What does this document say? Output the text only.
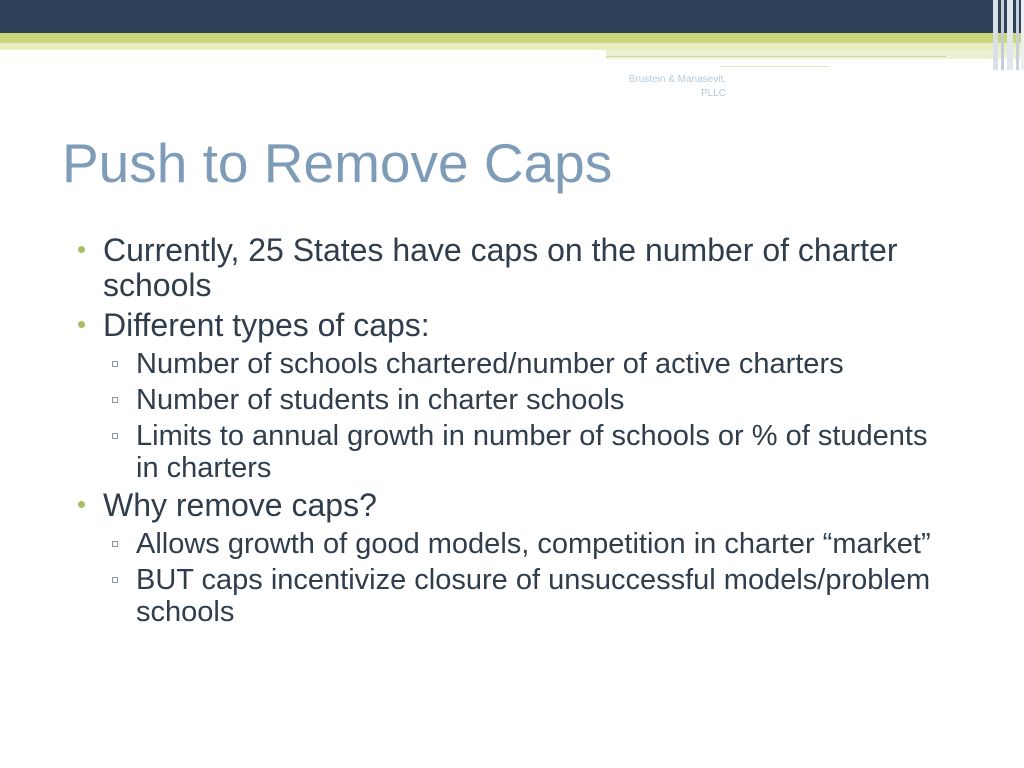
Brustein & Manasevit,
PLLC
Push to Remove Caps
Currently, 25 States have caps on the number of charter schools
Different types of caps:
Number of schools chartered/number of active charters
Number of students in charter schools
Limits to annual growth in number of schools or % of students in charters
Why remove caps?
Allows growth of good models, competition in charter “market”
BUT caps incentivize closure of unsuccessful models/problem schools
